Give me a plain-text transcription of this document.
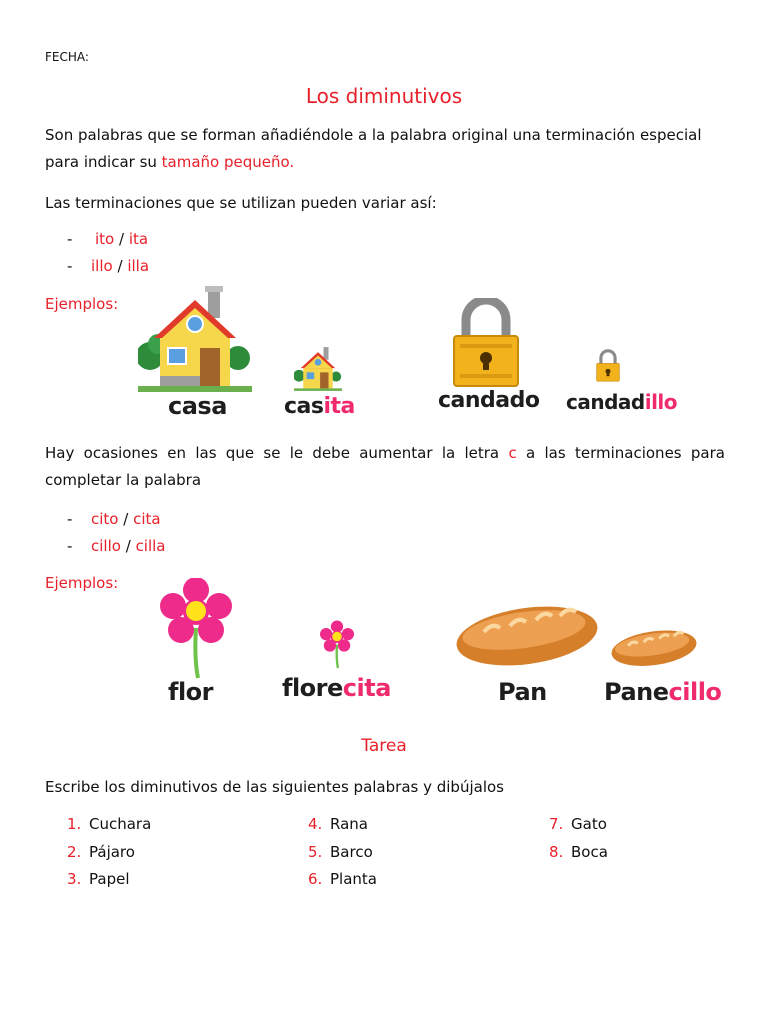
FECHA:
Los diminutivos
Son palabras que se forman añadiéndole a la palabra original una terminación especial
para indicar su tamaño pequeño.
Las terminaciones que se utilizan pueden variar así:
- ito / ita
- illo / illa
Ejemplos:
casa	casita	candado candadillo
Hay ocasiones en las que se le debe aumentar la letra c a las terminaciones para
completar la palabra
- cito / cita
- cillo / cilla
Ejemplos:
flor	florecita	Pan Panecillo
Tarea
Escribe los diminutivos de las siguientes palabras y dibújalos
1. Cuchara
2. Pájaro
3. Papel
4. Rana
5. Barco
6. Planta
7. Gato
8. Boca
